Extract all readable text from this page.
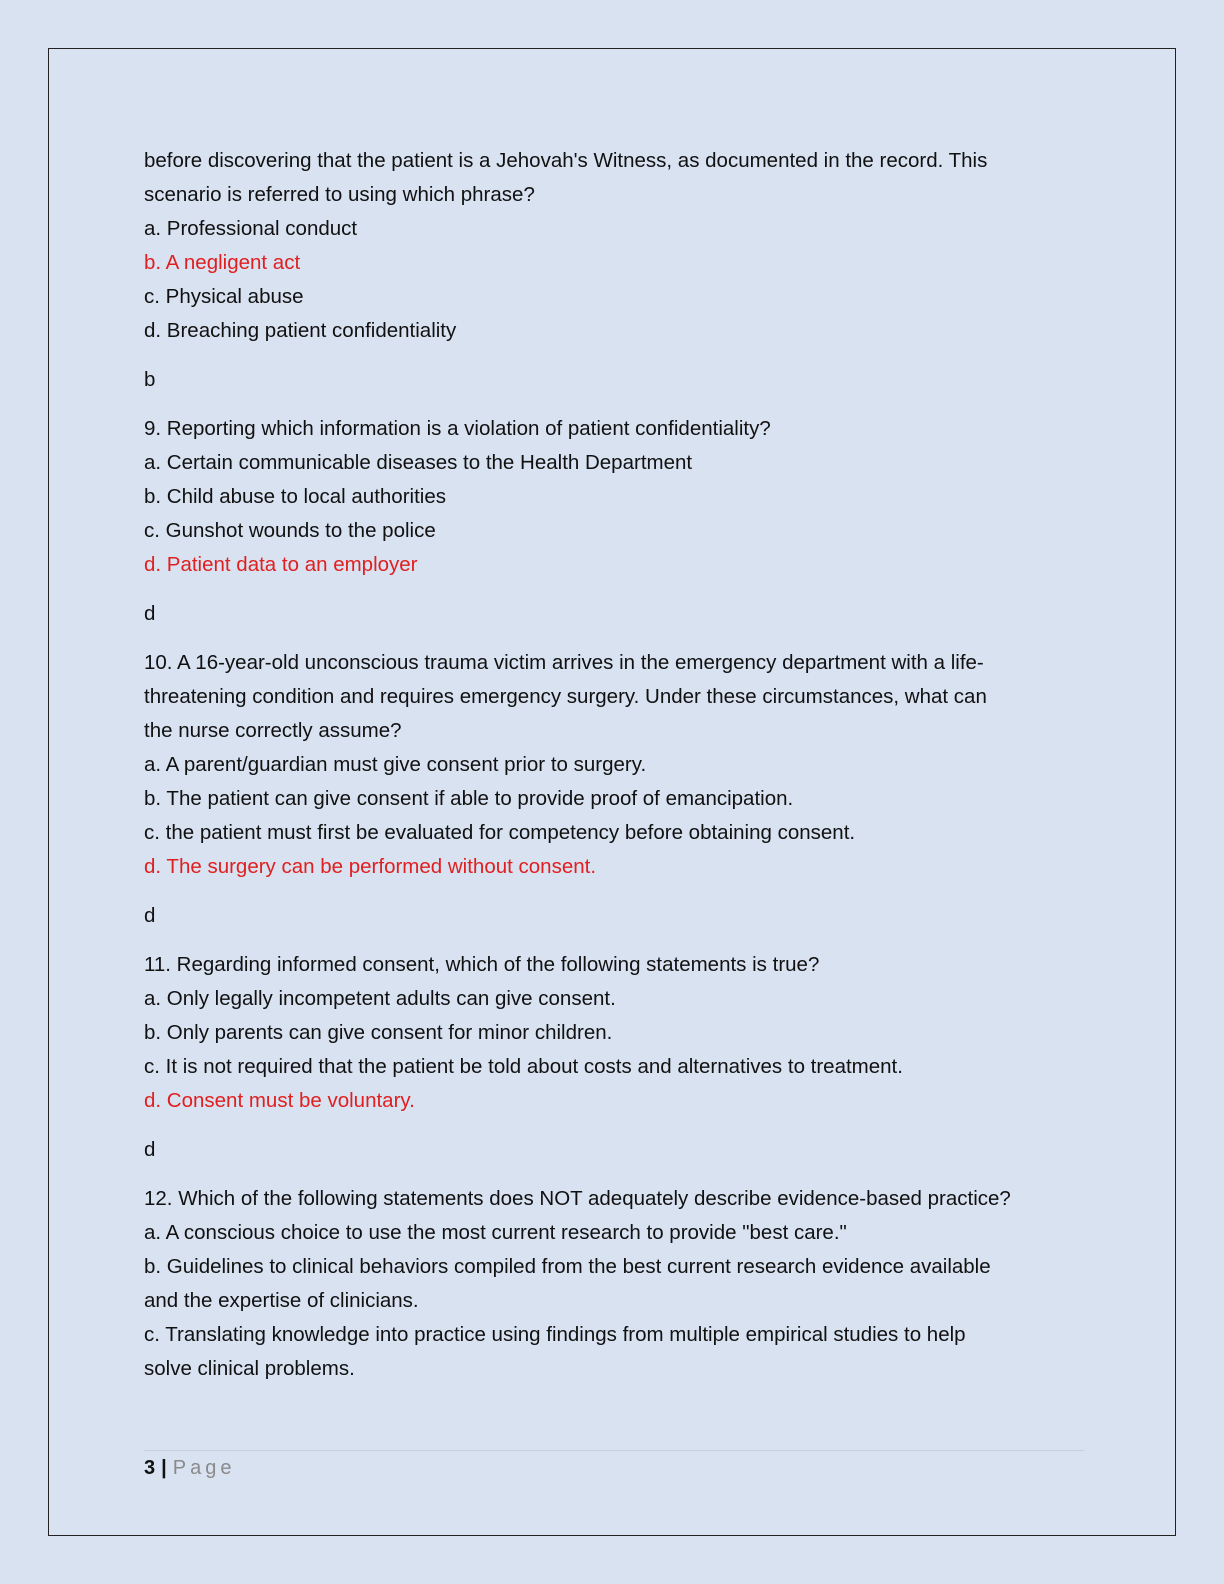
before discovering that the patient is a Jehovah's Witness, as documented in the record. This

scenario is referred to using which phrase?

a. Professional conduct

b. A negligent act

c. Physical abuse

d. Breaching patient confidentiality

b

9. Reporting which information is a violation of patient confidentiality?

a. Certain communicable diseases to the Health Department

b. Child abuse to local authorities

c. Gunshot wounds to the police

d. Patient data to an employer

d

10. A 16-year-old unconscious trauma victim arrives in the emergency department with a life-

threatening condition and requires emergency surgery. Under these circumstances, what can

the nurse correctly assume?

a. A parent/guardian must give consent prior to surgery.

b. The patient can give consent if able to provide proof of emancipation.

c. the patient must first be evaluated for competency before obtaining consent.

d. The surgery can be performed without consent.

d

11. Regarding informed consent, which of the following statements is true?

a. Only legally incompetent adults can give consent.

b. Only parents can give consent for minor children.

c. It is not required that the patient be told about costs and alternatives to treatment.

d. Consent must be voluntary.

d

12. Which of the following statements does NOT adequately describe evidence-based practice?

a. A conscious choice to use the most current research to provide "best care."

b. Guidelines to clinical behaviors compiled from the best current research evidence available

and the expertise of clinicians.

c. Translating knowledge into practice using findings from multiple empirical studies to help

solve clinical problems.

3 | Page
